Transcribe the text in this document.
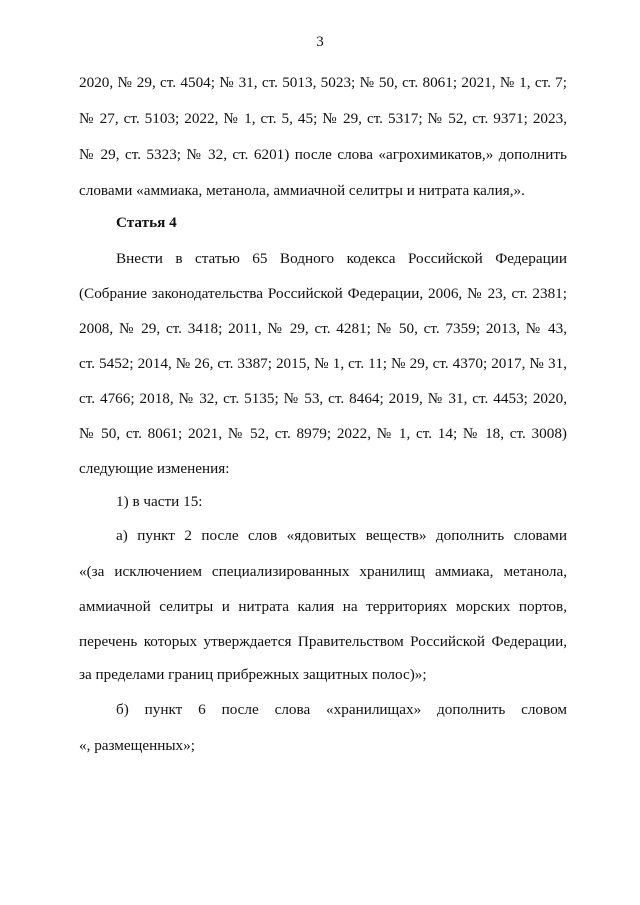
3
2020, № 29, ст. 4504; № 31, ст. 5013, 5023; № 50, ст. 8061; 2021, № 1, ст. 7;
№ 27, ст. 5103; 2022, № 1, ст. 5, 45; № 29, ст. 5317; № 52, ст. 9371; 2023,
№ 29, ст. 5323; № 32, ст. 6201) после слова «агрохимикатов,» дополнить
словами «аммиака, метанола, аммиачной селитры и нитрата калия,».
Статья 4
Внести в статью 65 Водного кодекса Российской Федерации
(Собрание законодательства Российской Федерации, 2006, № 23, ст. 2381;
2008, № 29, ст. 3418; 2011, № 29, ст. 4281; № 50, ст. 7359; 2013, № 43,
ст. 5452; 2014, № 26, ст. 3387; 2015, № 1, ст. 11; № 29, ст. 4370; 2017, № 31,
ст. 4766; 2018, № 32, ст. 5135; № 53, ст. 8464; 2019, № 31, ст. 4453; 2020,
№ 50, ст. 8061; 2021, № 52, ст. 8979; 2022, № 1, ст. 14; № 18, ст. 3008)
следующие изменения:
1) в части 15:
а) пункт 2 после слов «ядовитых веществ» дополнить словами
«(за исключением специализированных хранилищ аммиака, метанола,
аммиачной селитры и нитрата калия на территориях морских портов,
перечень которых утверждается Правительством Российской Федерации,
за пределами границ прибрежных защитных полос)»;
б) пункт 6 после слова «хранилищах» дополнить словом
«, размещенных»;
